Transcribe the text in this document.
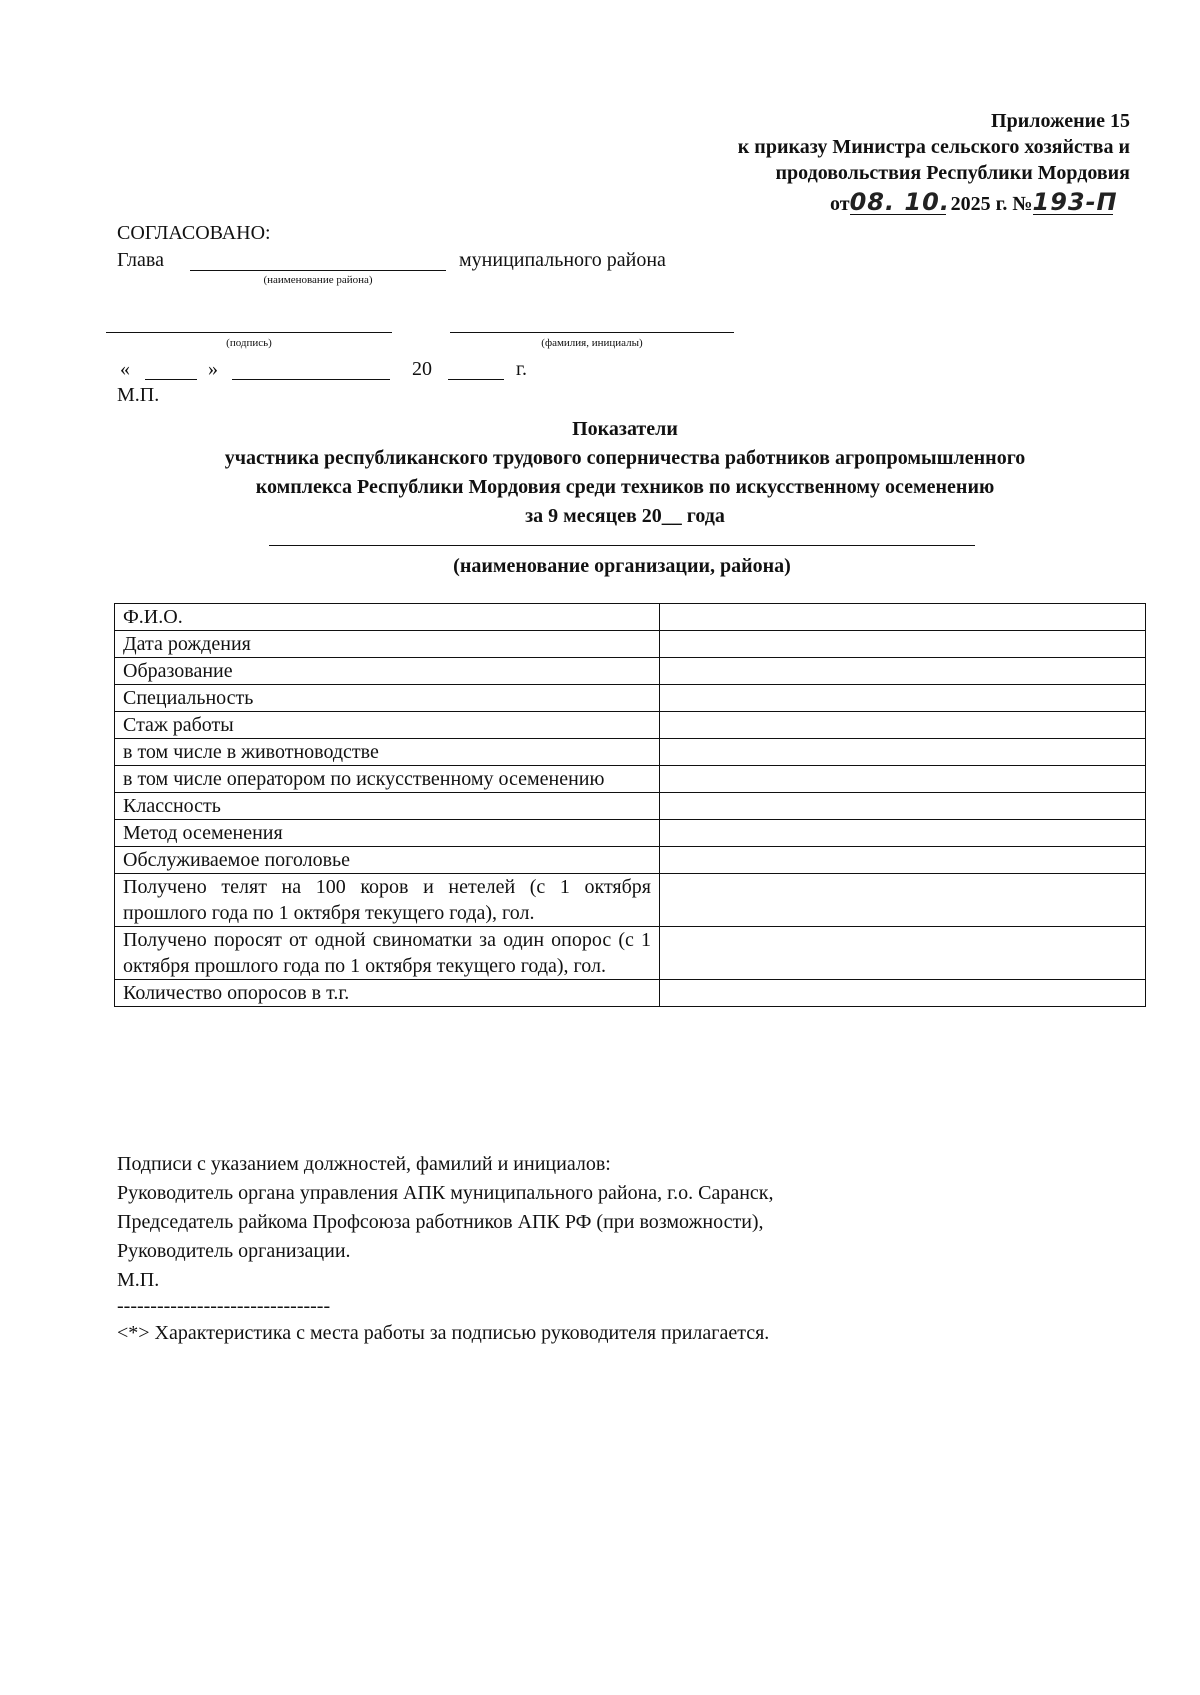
Приложение 15
к приказу Министра сельского хозяйства и
продовольствия Республики Мордовия
от08. 10. 2025 г. №193-П
СОГЛАСОВАНО:
Глава	муниципального района
(наименование района)
(подпись)	(фамилия, инициалы)
«	»	20	г.
М.П.
Показатели
участника республиканского трудового соперничества работников агропромышленного
комплекса Республики Мордовия среди техников по искусственному осеменению
за 9 месяцев 20__ года
(наименование организации, района)
Ф.И.О.	
Дата рождения	
Образование	
Специальность	
Стаж работы	
в том числе в животноводстве	
в том числе оператором по искусственному осеменению	
Классность	
Метод осеменения	
Обслуживаемое поголовье	
Получено телят на 100 коров и нетелей (с 1 октября прошлого года по 1 октября текущего года), гол.	
Получено поросят от одной свиноматки за один опорос (с 1 октября прошлого года по 1 октября текущего года), гол.	
Количество опоросов в т.г.	
Подписи с указанием должностей, фамилий и инициалов:
Руководитель органа управления АПК муниципального района, г.о. Саранск,
Председатель райкома Профсоюза работников АПК РФ (при возможности),
Руководитель организации.
М.П.
--------------------------------
<*> Характеристика с места работы за подписью руководителя прилагается.
